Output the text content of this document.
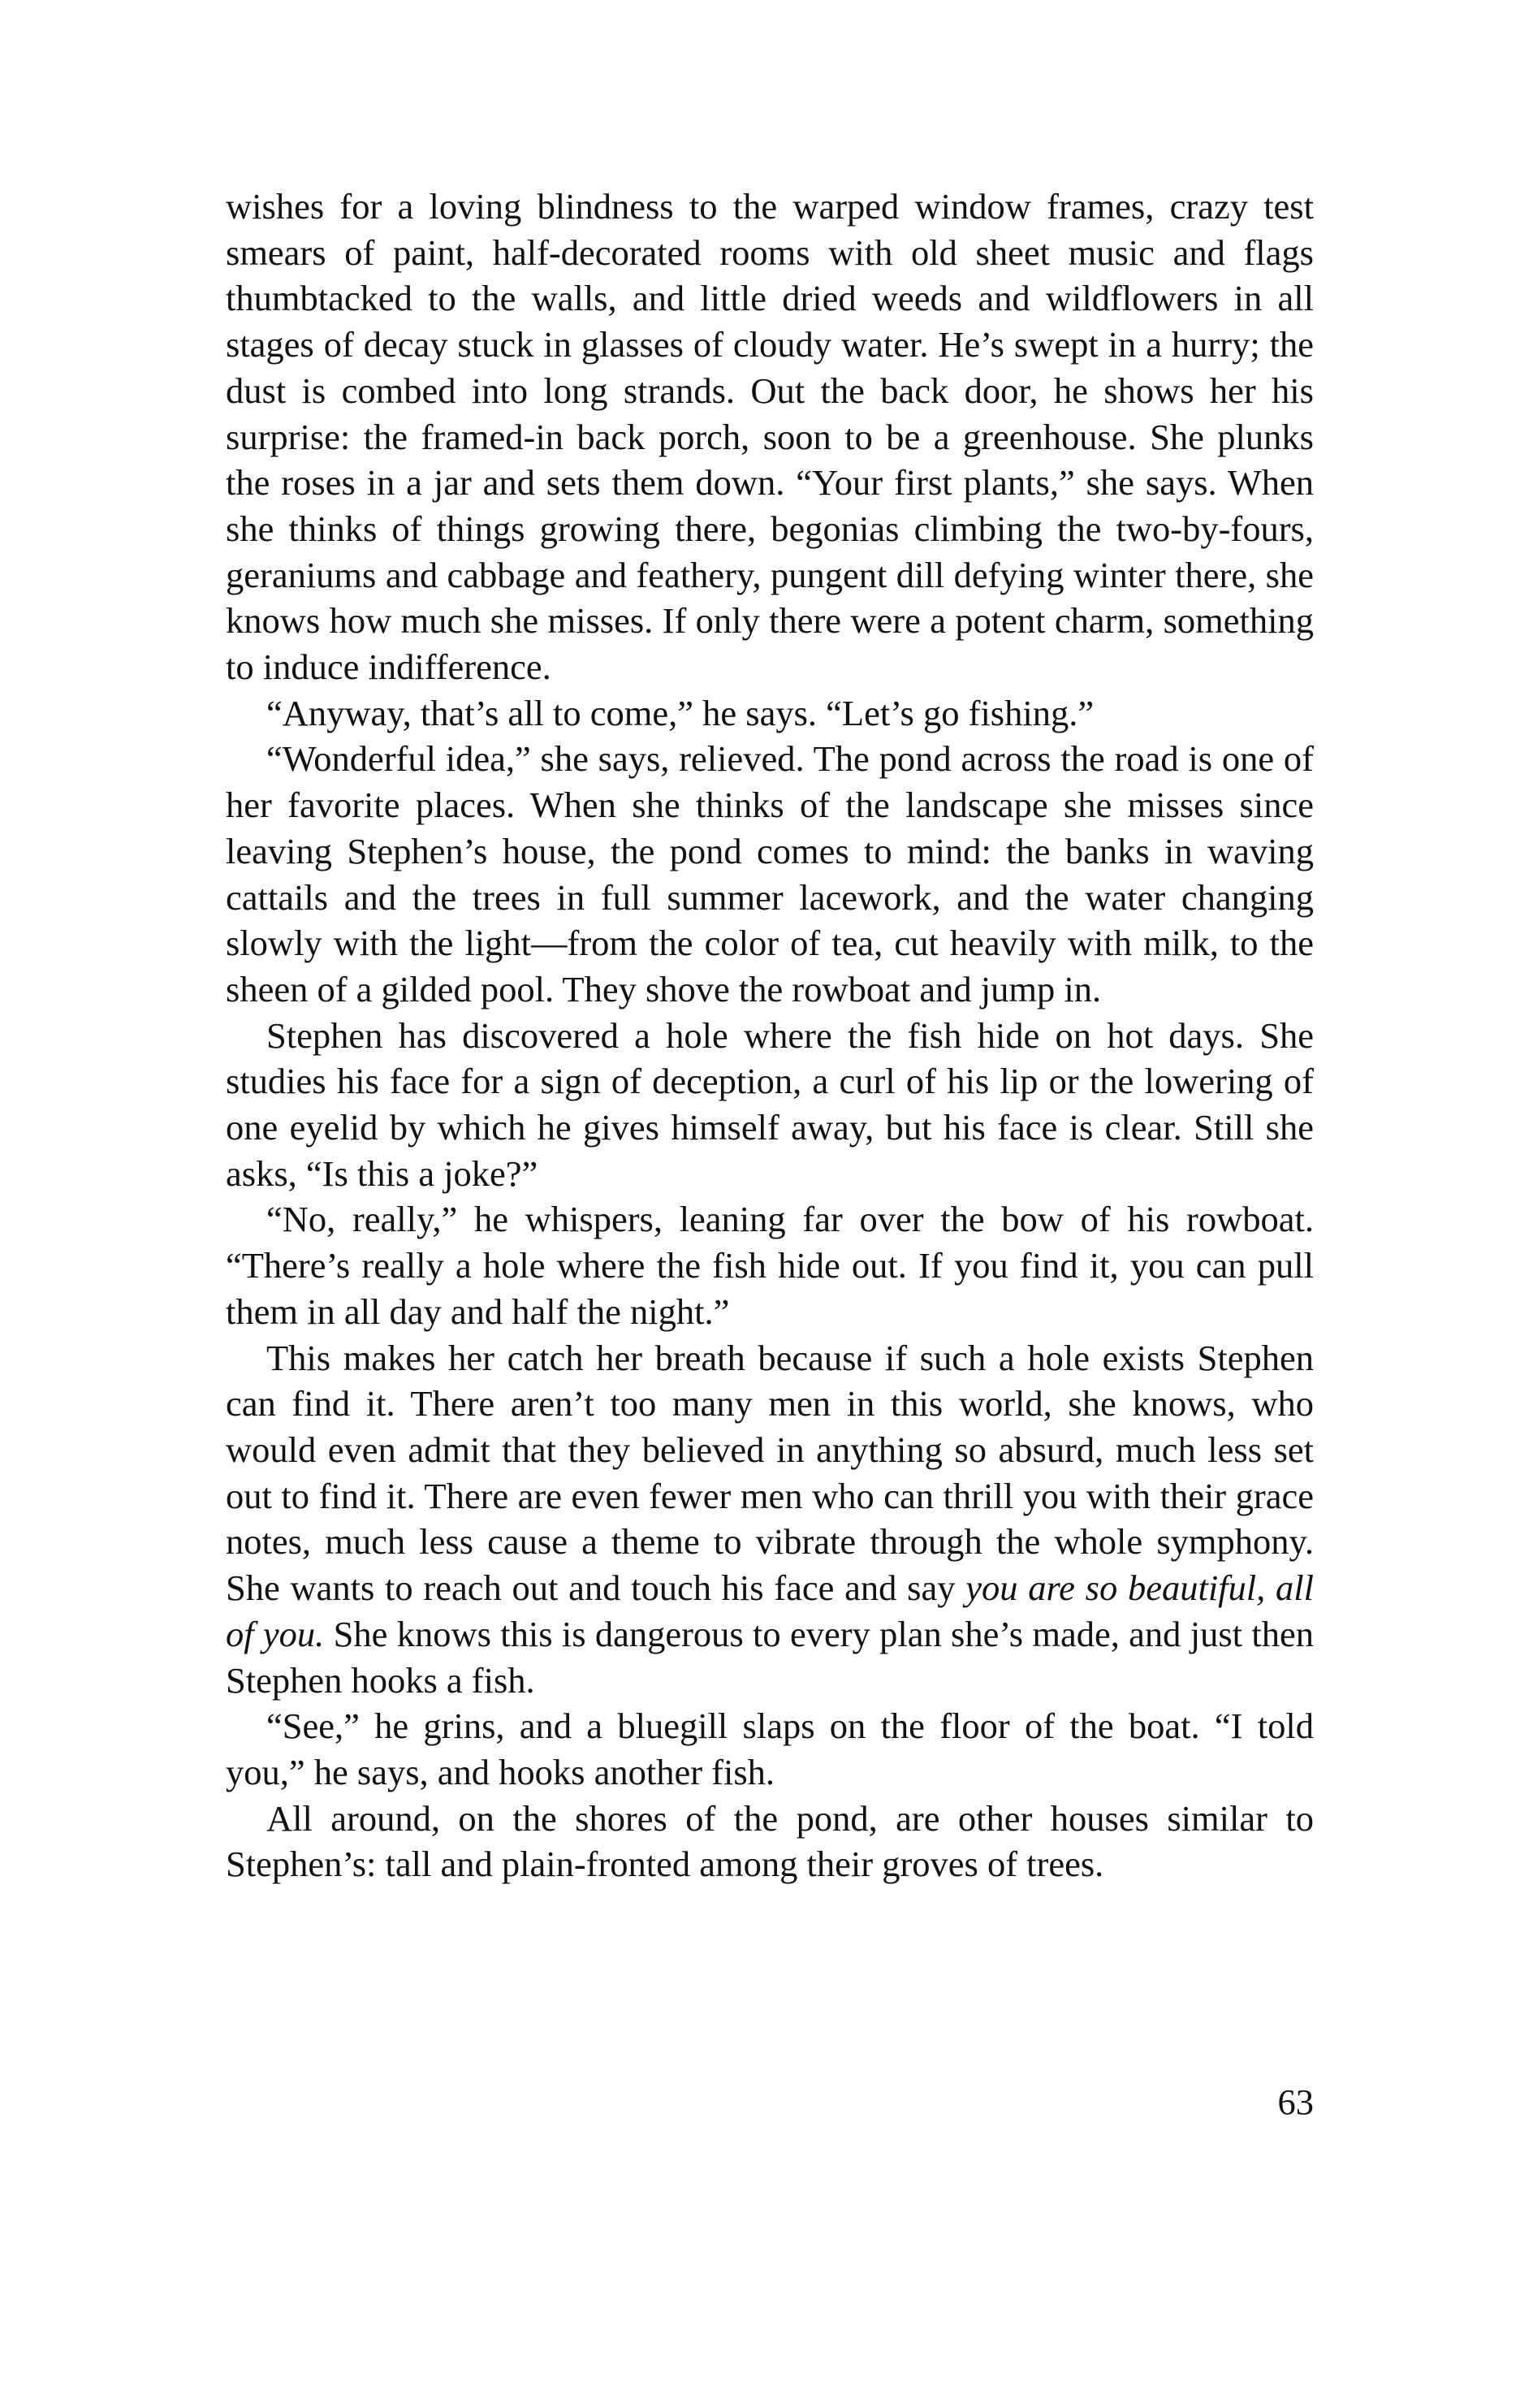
wishes for a loving blindness to the warped window frames, crazy test smears of paint, half-decorated rooms with old sheet music and flags thumbtacked to the walls, and little dried weeds and wildflowers in all stages of decay stuck in glasses of cloudy water. He’s swept in a hurry; the dust is combed into long strands. Out the back door, he shows her his surprise: the framed-in back porch, soon to be a greenhouse. She plunks the roses in a jar and sets them down. “Your first plants,” she says. When she thinks of things growing there, begonias climbing the two-by-fours, geraniums and cabbage and feathery, pungent dill defying winter there, she knows how much she misses. If only there were a potent charm, something to induce indifference.

“Anyway, that’s all to come,” he says. “Let’s go fishing.”

“Wonderful idea,” she says, relieved. The pond across the road is one of her favorite places. When she thinks of the landscape she misses since leaving Stephen’s house, the pond comes to mind: the banks in waving cattails and the trees in full summer lacework, and the water changing slowly with the light—from the color of tea, cut heavily with milk, to the sheen of a gilded pool. They shove the rowboat and jump in.

Stephen has discovered a hole where the fish hide on hot days. She studies his face for a sign of deception, a curl of his lip or the lowering of one eyelid by which he gives himself away, but his face is clear. Still she asks, “Is this a joke?”

“No, really,” he whispers, leaning far over the bow of his rowboat. “There’s really a hole where the fish hide out. If you find it, you can pull them in all day and half the night.”

This makes her catch her breath because if such a hole exists Stephen can find it. There aren’t too many men in this world, she knows, who would even admit that they believed in anything so absurd, much less set out to find it. There are even fewer men who can thrill you with their grace notes, much less cause a theme to vibrate through the whole symphony. She wants to reach out and touch his face and say you are so beautiful, all of you. She knows this is dangerous to every plan she’s made, and just then Stephen hooks a fish.

“See,” he grins, and a bluegill slaps on the floor of the boat. “I told you,” he says, and hooks another fish.

All around, on the shores of the pond, are other houses similar to Stephen’s: tall and plain-fronted among their groves of trees.

63
